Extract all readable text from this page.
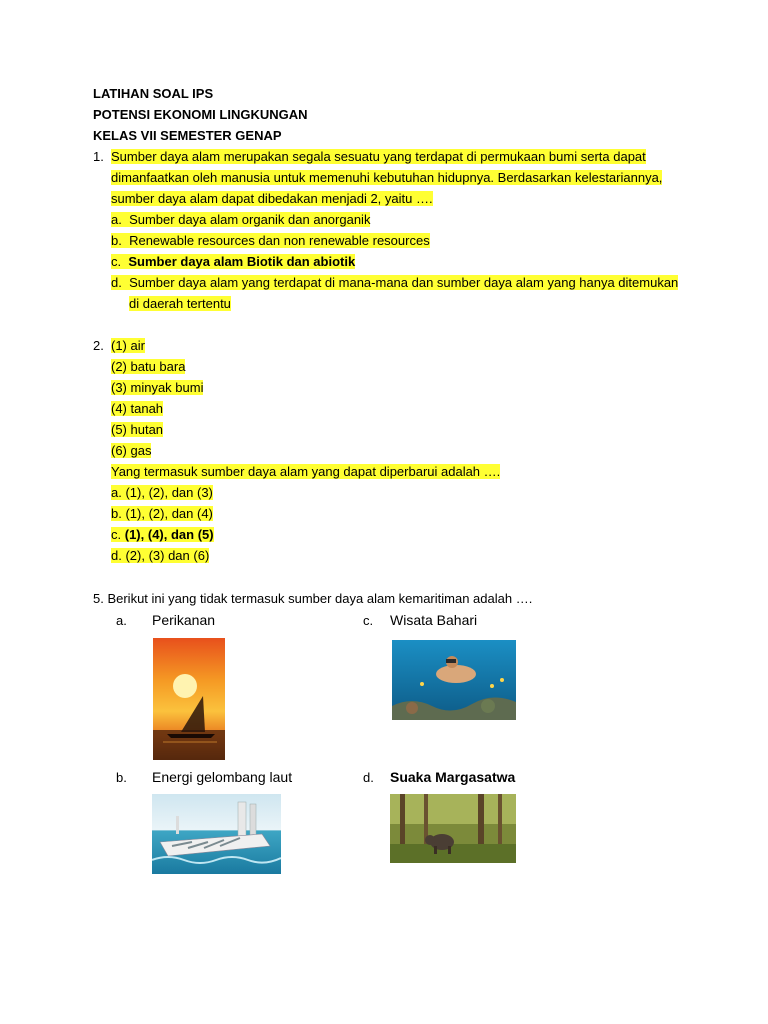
LATIHAN SOAL IPS
POTENSI EKONOMI LINGKUNGAN
KELAS VII SEMESTER GENAP
1. Sumber daya alam merupakan segala sesuatu yang terdapat di permukaan bumi serta dapat
dimanfaatkan oleh manusia untuk memenuhi kebutuhan hidupnya. Berdasarkan kelestariannya,
sumber daya alam dapat dibedakan menjadi 2, yaitu ….
a. Sumber daya alam organik dan anorganik
b. Renewable resources dan non renewable resources
c. Sumber daya alam Biotik dan abiotik
d. Sumber daya alam yang terdapat di mana-mana dan sumber daya alam yang hanya ditemukan
di daerah tertentu
2. (1) air
(2) batu bara
(3) minyak bumi
(4) tanah
(5) hutan
(6) gas
Yang termasuk sumber daya alam yang dapat diperbarui adalah ….
a. (1), (2), dan (3)
b. (1), (2), dan (4)
c. (1), (4), dan (5)
d. (2), (3) dan (6)
5. Berikut ini yang tidak termasuk sumber daya alam kemaritiman adalah ….
a. Perikanan	c. Wisata Bahari
b. Energi gelombang laut	d. Suaka Margasatwa
